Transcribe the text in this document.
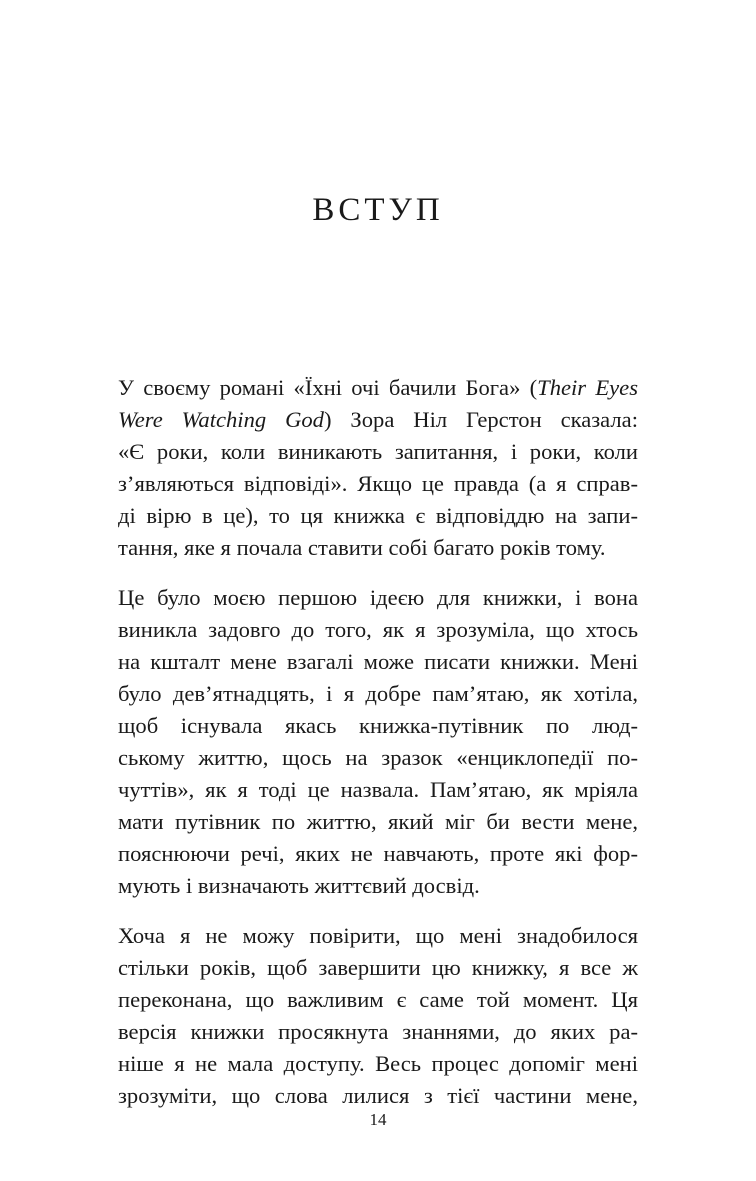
ВСТУП
У своєму романі «Їхні очі бачили Бога» (Their Eyes
Were Watching God) Зора Ніл Герстон сказала:
«Є роки, коли виникають запитання, і роки, коли
з’являються відповіді». Якщо це правда (а я справ-
ді вірю в це), то ця книжка є відповіддю на запи-
тання, яке я почала ставити собі багато років тому.
Це було моєю першою ідеєю для книжки, і вона
виникла задовго до того, як я зрозуміла, що хтось
на кшталт мене взагалі може писати книжки. Мені
було дев’ятнадцять, і я добре пам’ятаю, як хотіла,
щоб існувала якась книжка-путівник по люд-
ському життю, щось на зразок «енциклопедії по-
чуттів», як я тоді це назвала. Пам’ятаю, як мріяла
мати путівник по життю, який міг би вести мене,
пояснюючи речі, яких не навчають, проте які фор-
мують і визначають життєвий досвід.
Хоча я не можу повірити, що мені знадобилося
стільки років, щоб завершити цю книжку, я все ж
переконана, що важливим є саме той момент. Ця
версія книжки просякнута знаннями, до яких ра-
ніше я не мала доступу. Весь процес допоміг мені
зрозуміти, що слова лилися з тієї частини мене,
14
